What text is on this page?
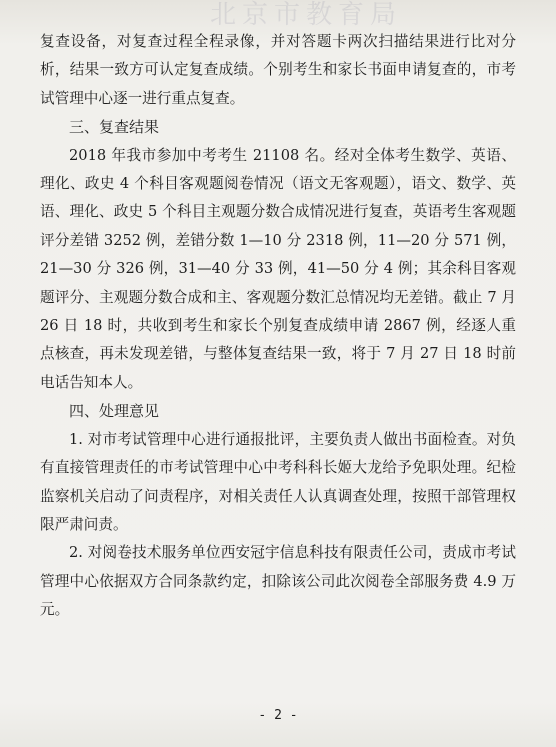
北京市教育局

复查设备，对复查过程全程录像，并对答题卡两次扫描结果进行比对分析，结果一致方可认定复查成绩。个别考生和家长书面申请复查的，市考试管理中心逐一进行重点复查。

三、复查结果

2018 年我市参加中考考生 21108 名。经对全体考生数学、英语、理化、政史 4 个科目客观题阅卷情况（语文无客观题），语文、数学、英语、理化、政史 5 个科目主观题分数合成情况进行复查，英语考生客观题评分差错 3252 例，差错分数 1—10 分 2318 例，11—20 分 571 例，21—30 分 326 例，31—40 分 33 例，41—50 分 4 例；其余科目客观题评分、主观题分数合成和主、客观题分数汇总情况均无差错。截止 7 月 26 日 18 时，共收到考生和家长个别复查成绩申请 2867 例，经逐人重点核查，再未发现差错，与整体复查结果一致，将于 7 月 27 日 18 时前电话告知本人。

四、处理意见

1. 对市考试管理中心进行通报批评，主要负责人做出书面检查。对负有直接管理责任的市考试管理中心中考科科长姬大龙给予免职处理。纪检监察机关启动了问责程序，对相关责任人认真调查处理，按照干部管理权限严肃问责。

2. 对阅卷技术服务单位西安冠宇信息科技有限责任公司，责成市考试管理中心依据双方合同条款约定，扣除该公司此次阅卷全部服务费 4.9 万元。

- 2 -
